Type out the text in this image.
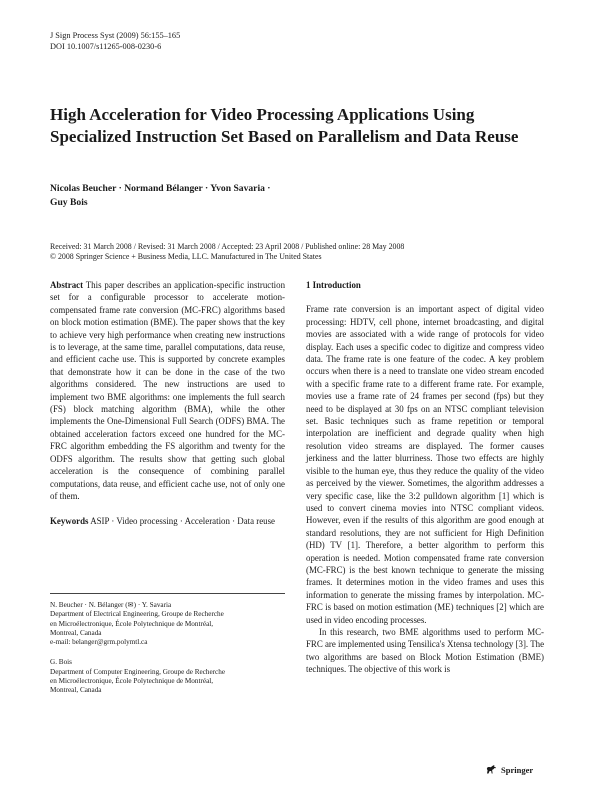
J Sign Process Syst (2009) 56:155–165
DOI 10.1007/s11265-008-0230-6
High Acceleration for Video Processing Applications Using Specialized Instruction Set Based on Parallelism and Data Reuse
Nicolas Beucher · Normand Bélanger · Yvon Savaria ·
Guy Bois
Received: 31 March 2008 / Revised: 31 March 2008 / Accepted: 23 April 2008 / Published online: 28 May 2008
© 2008 Springer Science + Business Media, LLC. Manufactured in The United States

Abstract This paper describes an application-specific instruction set for a configurable processor to accelerate motion-compensated frame rate conversion (MC-FRC) algorithms based on block motion estimation (BME). The paper shows that the key to achieve very high performance when creating new instructions is to leverage, at the same time, parallel computations, data reuse, and efficient cache use. This is supported by concrete examples that demonstrate how it can be done in the case of the two algorithms considered. The new instructions are used to implement two BME algorithms: one implements the full search (FS) block matching algorithm (BMA), while the other implements the One-Dimensional Full Search (ODFS) BMA. The obtained acceleration factors exceed one hundred for the MC-FRC algorithm embedding the FS algorithm and twenty for the ODFS algorithm. The results show that getting such global acceleration is the consequence of combining parallel computations, data reuse, and efficient cache use, not of only one of them.

Keywords ASIP · Video processing · Acceleration · Data reuse

N. Beucher · N. Bélanger (✉) · Y. Savaria
Department of Electrical Engineering, Groupe de Recherche
en Microélectronique, École Polytechnique de Montréal,
Montreal, Canada
e-mail: belanger@grm.polymtl.ca
G. Bois
Department of Computer Engineering, Groupe de Recherche
en Microélectronique, École Polytechnique de Montréal,
Montreal, Canada
1 Introduction

Frame rate conversion is an important aspect of digital video processing: HDTV, cell phone, internet broadcasting, and digital movies are associated with a wide range of protocols for video display. Each uses a specific codec to digitize and compress video data. The frame rate is one feature of the codec. A key problem occurs when there is a need to translate one video stream encoded with a specific frame rate to a different frame rate. For example, movies use a frame rate of 24 frames per second (fps) but they need to be displayed at 30 fps on an NTSC compliant television set. Basic techniques such as frame repetition or temporal interpolation are inefficient and degrade quality when high resolution video streams are displayed. The former causes jerkiness and the latter blurriness. Those two effects are highly visible to the human eye, thus they reduce the quality of the video as perceived by the viewer. Sometimes, the algorithm addresses a very specific case, like the 3:2 pulldown algorithm [1] which is used to convert cinema movies into NTSC compliant videos. However, even if the results of this algorithm are good enough at standard resolutions, they are not sufficient for High Definition (HD) TV [1]. Therefore, a better algorithm to perform this operation is needed. Motion compensated frame rate conversion (MC-FRC) is the best known technique to generate the missing frames. It determines motion in the video frames and uses this information to generate the missing frames by interpolation. MC-FRC is based on motion estimation (ME) techniques [2] which are used in video encoding processes.

In this research, two BME algorithms used to perform MC-FRC are implemented using Tensilica's Xtensa technology [3]. The two algorithms are based on Block Motion Estimation (BME) techniques. The objective of this work is

Springer
